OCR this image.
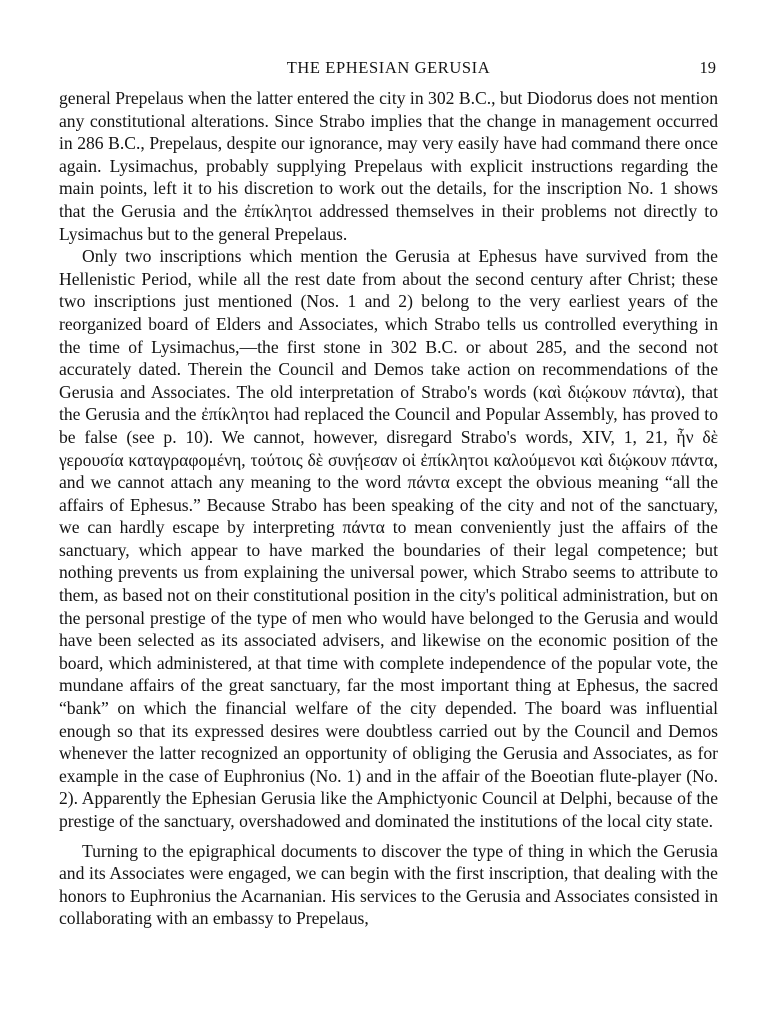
THE EPHESIAN GERUSIA	19

general Prepelaus when the latter entered the city in 302 B.C., but Diodorus does not mention any constitutional alterations. Since Strabo implies that the change in management occurred in 286 B.C., Prepelaus, despite our ignorance, may very easily have had command there once again. Lysimachus, probably supplying Prepelaus with explicit instructions regarding the main points, left it to his discretion to work out the details, for the inscription No. 1 shows that the Gerusia and the ἐπίκλητοι addressed themselves in their problems not directly to Lysimachus but to the general Prepelaus.

Only two inscriptions which mention the Gerusia at Ephesus have survived from the Hellenistic Period, while all the rest date from about the second century after Christ; these two inscriptions just mentioned (Nos. 1 and 2) belong to the very earliest years of the reorganized board of Elders and Associates, which Strabo tells us controlled everything in the time of Lysimachus,—the first stone in 302 B.C. or about 285, and the second not accurately dated. Therein the Council and Demos take action on recommendations of the Gerusia and Associates. The old interpretation of Strabo's words (καὶ διῴκουν πάντα), that the Gerusia and the ἐπίκλητοι had replaced the Council and Popular Assembly, has proved to be false (see p. 10). We cannot, however, disregard Strabo's words, XIV, 1, 21, ἦν δὲ γερουσία καταγραφομένη, τούτοις δὲ συνῄεσαν οἱ ἐπίκλητοι καλούμενοι καὶ διῴκουν πάντα, and we cannot attach any meaning to the word πάντα except the obvious meaning “all the affairs of Ephesus.” Because Strabo has been speaking of the city and not of the sanctuary, we can hardly escape by interpreting πάντα to mean conveniently just the affairs of the sanctuary, which appear to have marked the boundaries of their legal competence; but nothing prevents us from explaining the universal power, which Strabo seems to attribute to them, as based not on their constitutional position in the city's political administration, but on the personal prestige of the type of men who would have belonged to the Gerusia and would have been selected as its associated advisers, and likewise on the economic position of the board, which administered, at that time with complete independence of the popular vote, the mundane affairs of the great sanctuary, far the most important thing at Ephesus, the sacred “bank” on which the financial welfare of the city depended. The board was influential enough so that its expressed desires were doubtless carried out by the Council and Demos whenever the latter recognized an opportunity of obliging the Gerusia and Associates, as for example in the case of Euphronius (No. 1) and in the affair of the Boeotian flute-player (No. 2). Apparently the Ephesian Gerusia like the Amphictyonic Council at Delphi, because of the prestige of the sanctuary, overshadowed and dominated the institutions of the local city state.

Turning to the epigraphical documents to discover the type of thing in which the Gerusia and its Associates were engaged, we can begin with the first inscription, that dealing with the honors to Euphronius the Acarnanian. His services to the Gerusia and Associates consisted in collaborating with an embassy to Prepelaus,
